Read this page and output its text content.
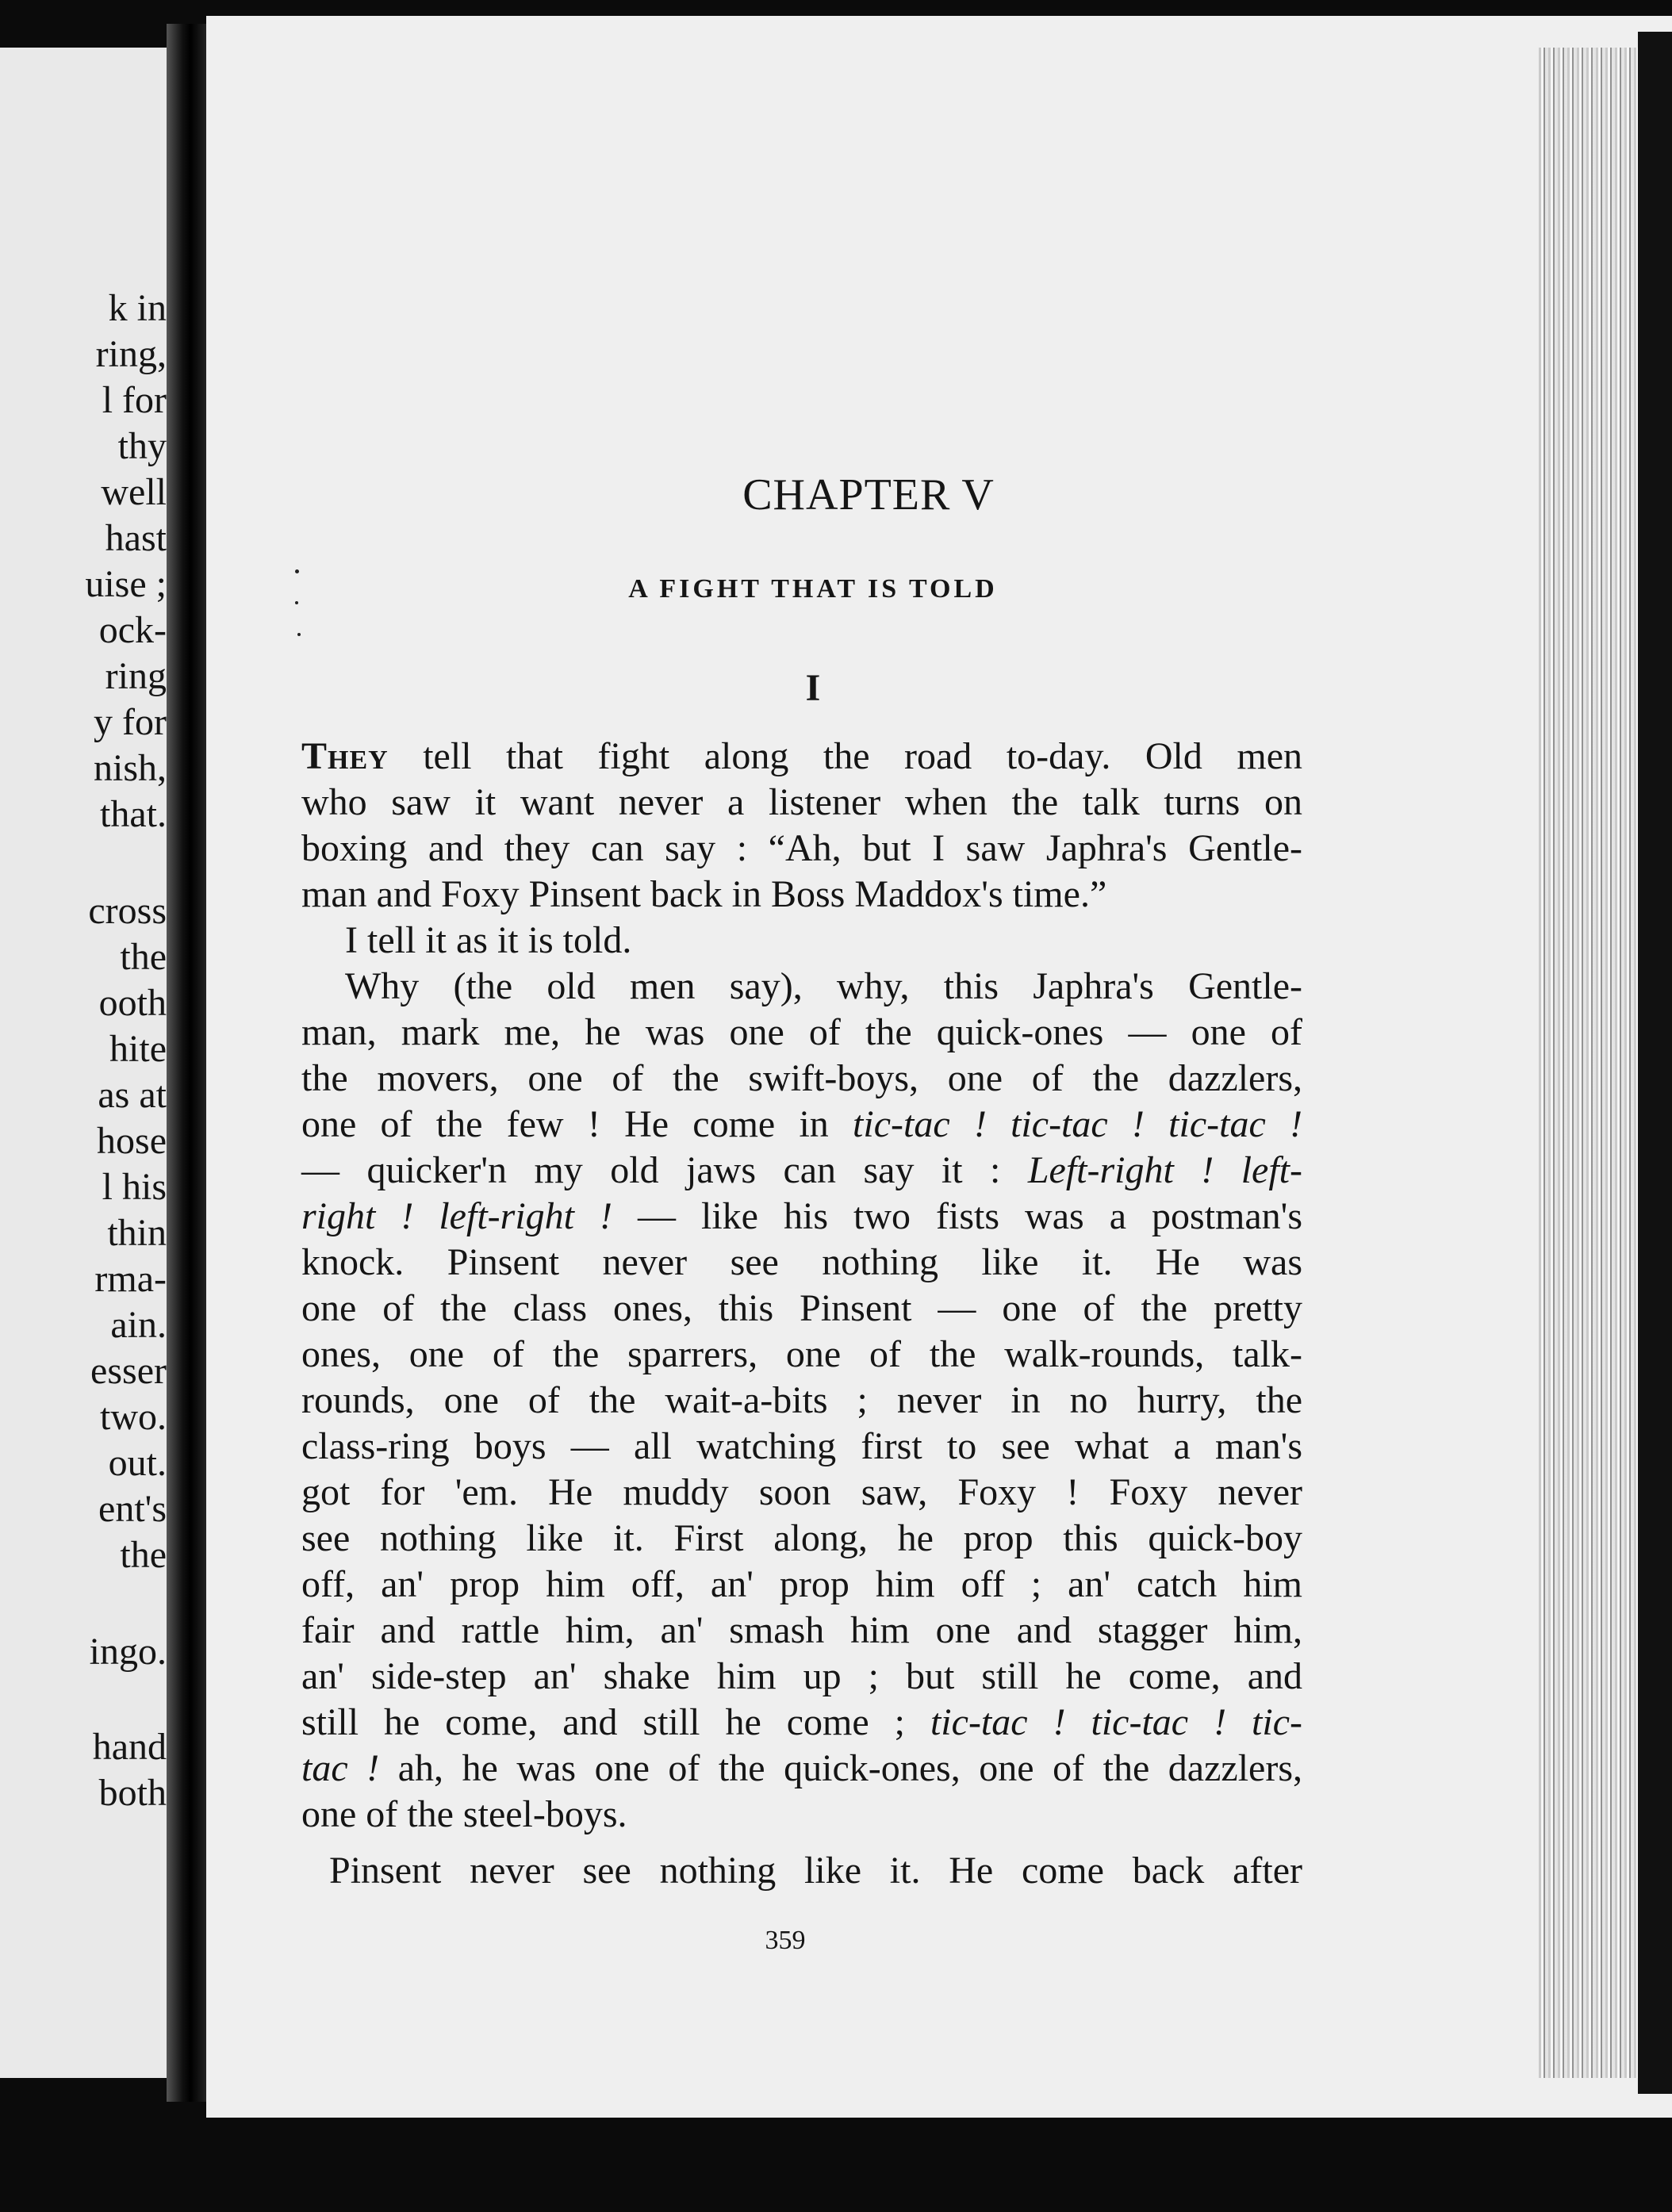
k in
ring,
l for
thy
well
hast
uise ;
ock-
ring
y for
nish,
that.
cross
the
ooth
hite
as at
hose
l his
thin
rma-
ain.
esser
two.
out.
ent's
the
ingo.
hand
both
CHAPTER V
A FIGHT THAT IS TOLD
I
They tell that fight along the road to-day. Old men
who saw it want never a listener when the talk turns on
boxing and they can say : “Ah, but I saw Japhra's Gentle-
man and Foxy Pinsent back in Boss Maddox's time.”
I tell it as it is told.
Why (the old men say), why, this Japhra's Gentle-
man, mark me, he was one of the quick-ones — one of
the movers, one of the swift-boys, one of the dazzlers,
one of the few ! He come in tic-tac ! tic-tac ! tic-tac !
— quicker'n my old jaws can say it : Left-right ! left-
right ! left-right ! — like his two fists was a postman's
knock. Pinsent never see nothing like it. He was
one of the class ones, this Pinsent — one of the pretty
ones, one of the sparrers, one of the walk-rounds, talk-
rounds, one of the wait-a-bits ; never in no hurry, the
class-ring boys — all watching first to see what a man's
got for 'em. He muddy soon saw, Foxy ! Foxy never
see nothing like it. First along, he prop this quick-boy
off, an' prop him off, an' prop him off ; an' catch him
fair and rattle him, an' smash him one and stagger him,
an' side-step an' shake him up ; but still he come, and
still he come, and still he come ; tic-tac ! tic-tac ! tic-
tac ! ah, he was one of the quick-ones, one of the dazzlers,
one of the steel-boys.
Pinsent never see nothing like it. He come back after
359
